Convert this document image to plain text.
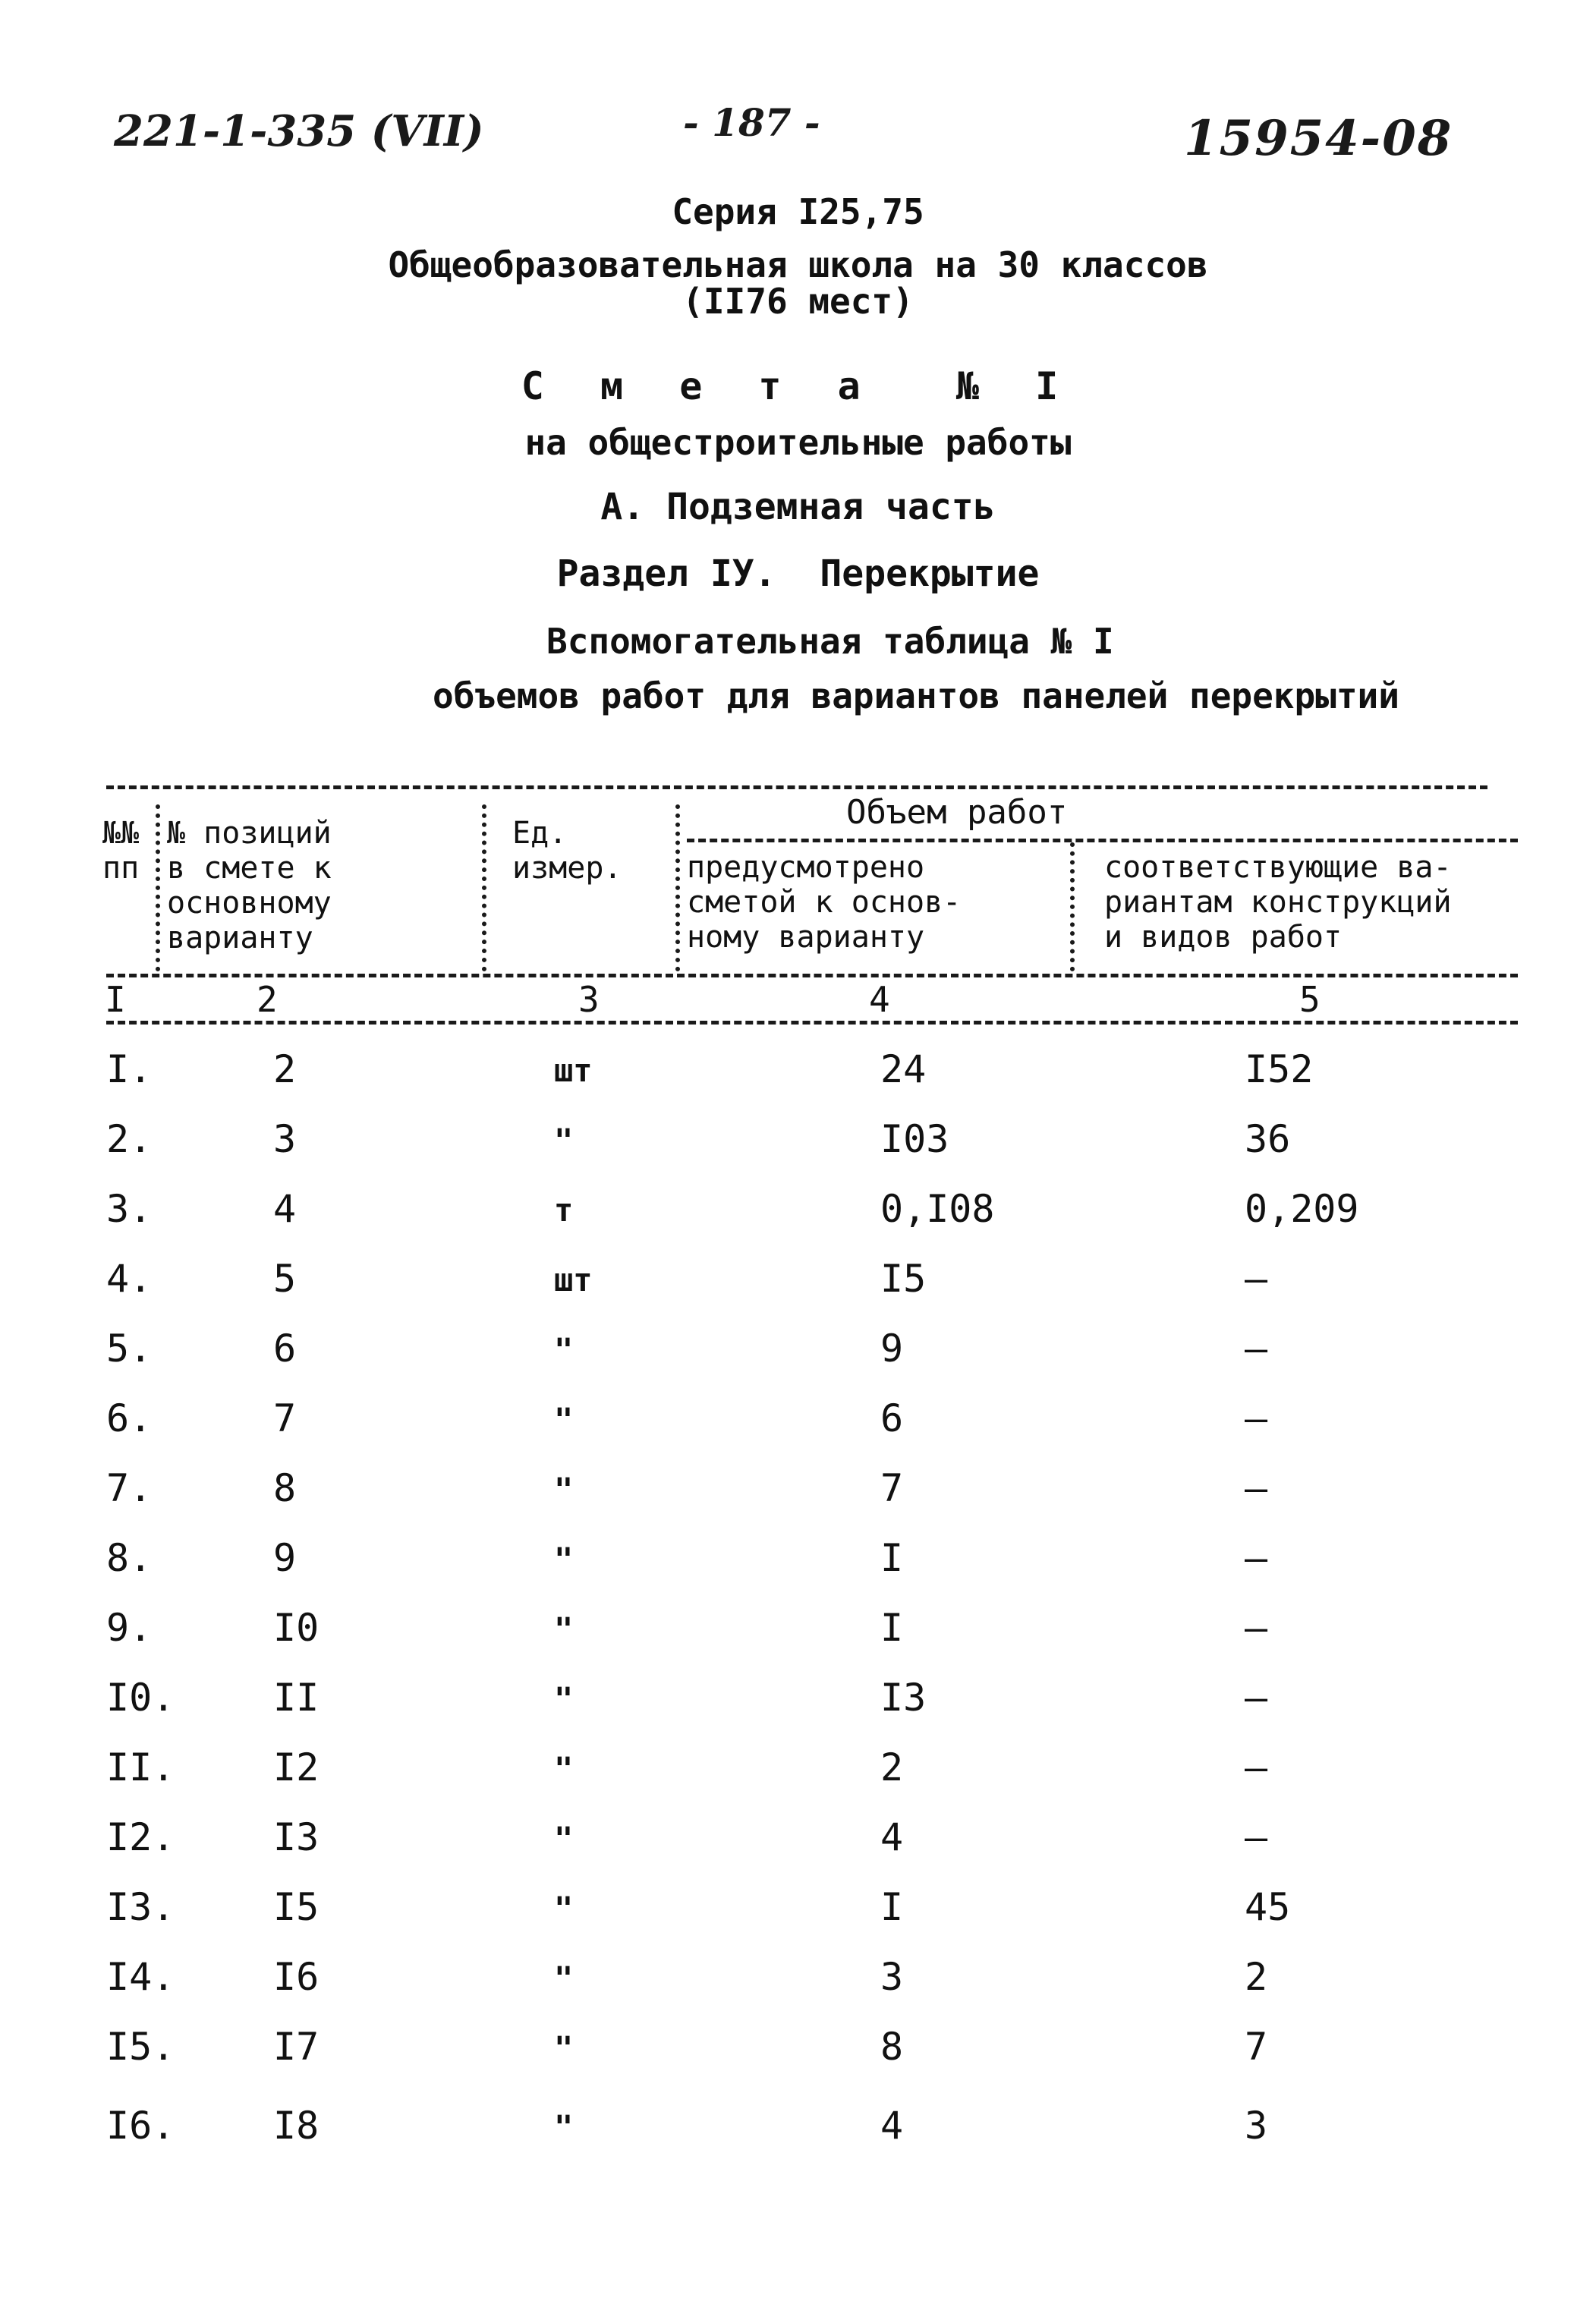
221-1-335 (VII)	- 187 -	15954-08
Серия I25,75
Общеобразовательная школа на 30 классов
(II76 мест)
С м е т а  № I
на общестроительные работы
А. Подземная часть
Раздел IУ.  Перекрытие
Вспомогательная таблица № I
объемов работ для вариантов панелей перекрытий
№№
пп
№ позиций
в смете к
основному
варианту
Ед.
измер.
Объем работ
предусмотрено
сметой к основ-
ному варианту
соответствующие ва-
риантам конструкций
и видов работ
I	2	3	4	5
I.	2	шт	24	I52
2.	3	"	I03	36
3.	4	т	0,I08	0,209
4.	5	шт	I5	–
5.	6	"	9	–
6.	7	"	6	–
7.	8	"	7	–
8.	9	"	I	–
9.	I0	"	I	–
I0.	II	"	I3	–
II.	I2	"	2	–
I2.	I3	"	4	–
I3.	I5	"	I	45
I4.	I6	"	3	2
I5.	I7	"	8	7
I6.	I8	"	4	3
